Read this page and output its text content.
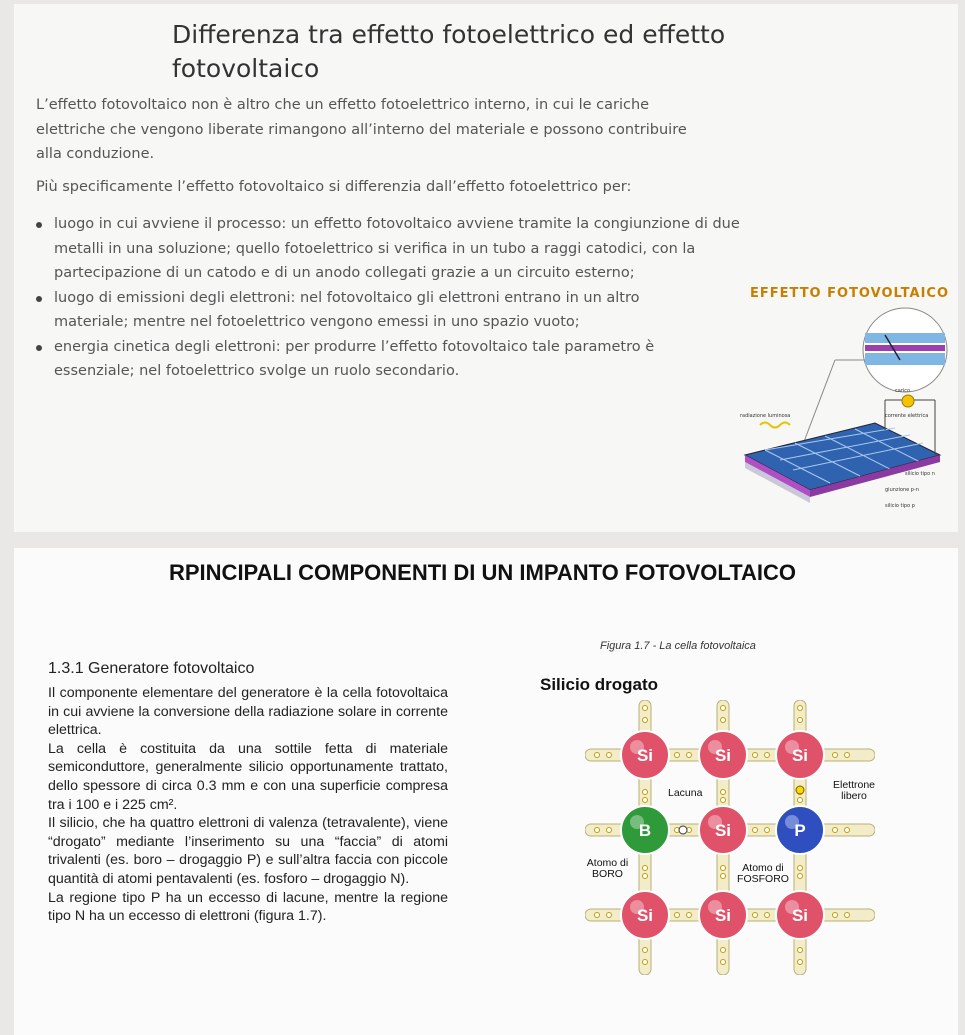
Differenza tra effetto fotoelettrico ed effetto fotovoltaico
L’effetto fotovoltaico non è altro che un effetto fotoelettrico interno, in cui le cariche
elettriche che vengono liberate rimangono all’interno del materiale e possono contribuire
alla conduzione.
Più specificamente l’effetto fotovoltaico si differenzia dall’effetto fotoelettrico per:
luogo in cui avviene il processo: un effetto fotovoltaico avviene tramite la congiunzione di due metalli in una soluzione; quello fotoelettrico si verifica in un tubo a raggi catodici, con la partecipazione di un catodo e di un anodo collegati grazie a un circuito esterno;
luogo di emissioni degli elettroni: nel fotovoltaico gli elettroni entrano in un altro materiale; mentre nel fotoelettrico vengono emessi in uno spazio vuoto;
energia cinetica degli elettroni: per produrre l’effetto fotovoltaico tale parametro è essenziale; nel fotoelettrico svolge un ruolo secondario.
EFFETTO FOTOVOLTAICO
radiazione luminosa	corrente elettrica
carico
silicio tipo n
giunzione p-n
silicio tipo p
RPINCIPALI COMPONENTI DI UN IMPANTO FOTOVOLTAICO
1.3.1 Generatore fotovoltaico

Il componente elementare del generatore è la cella fotovoltaica in cui avviene la conversione della radiazione solare in corrente elettrica.

La cella è costituita da una sottile fetta di materiale semiconduttore, generalmente silicio opportunamente trattato, dello spessore di circa 0.3 mm e con una superficie compresa tra i 100 e i 225 cm².

Il silicio, che ha quattro elettroni di valenza (tetravalente), viene “drogato” mediante l’inserimento su una “faccia” di atomi trivalenti (es. boro – drogaggio P) e sull’altra faccia con piccole quantità di atomi pentavalenti (es. fosforo – drogaggio N).

La regione tipo P ha un eccesso di lacune, mentre la regione tipo N ha un eccesso di elettroni (figura 1.7).

Figura 1.7 - La cella fotovoltaica
Silicio drogato
Si	Si	Si
B	Si	P
Si	Si	Si
Lacuna
Elettrone libero
Atomo di BORO	Atomo di FOSFORO
